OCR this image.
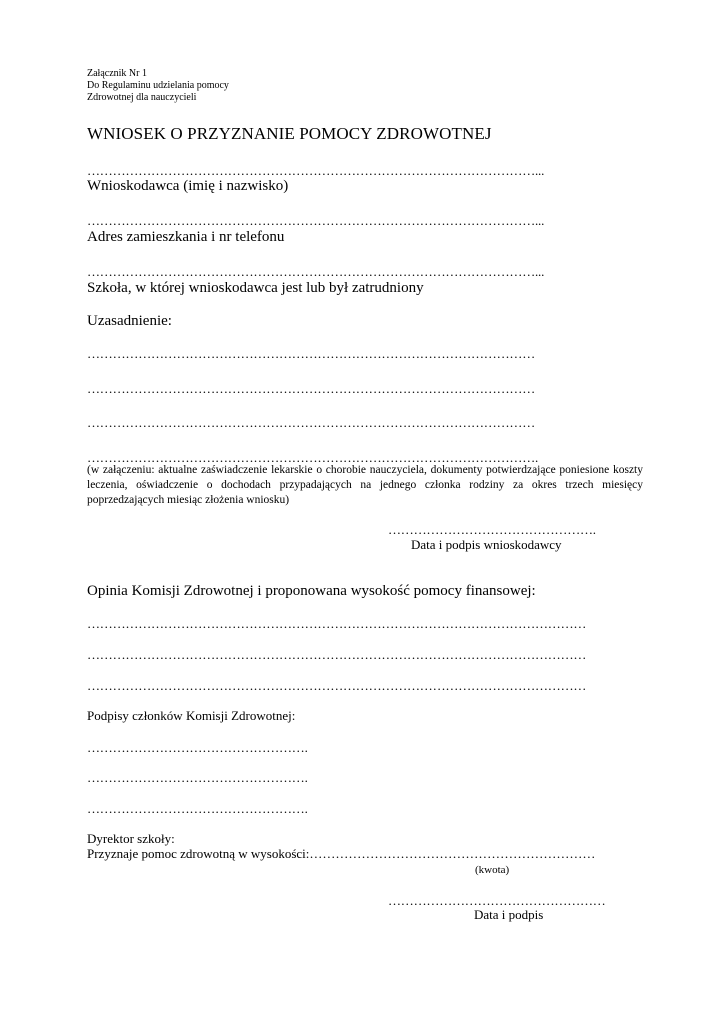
Załącznik Nr 1
Do Regulaminu udzielania pomocy
Zdrowotnej dla nauczycieli
WNIOSEK O PRZYZNANIE POMOCY ZDROWOTNEJ
……………………………………………………………………………………………...
Wnioskodawca (imię i nazwisko)
……………………………………………………………………………………………...
Adres zamieszkania i nr telefonu
……………………………………………………………………………………………...
Szkoła, w której wnioskodawca jest lub był zatrudniony
Uzasadnienie:
……………………………………………………………………………………………
……………………………………………………………………………………………
……………………………………………………………………………………………
…………………………………………………………………………………………….
(w załączeniu: aktualne zaświadczenie lekarskie o chorobie nauczyciela, dokumenty potwierdzające poniesione koszty leczenia, oświadczenie o dochodach przypadających na jednego członka rodziny za okres trzech miesięcy poprzedzających miesiąc złożenia wniosku)
………………………………………….
Data i podpis wnioskodawcy
Opinia Komisji Zdrowotnej i proponowana wysokość pomocy finansowej:
………………………………………………………………………………………………………
………………………………………………………………………………………………………
………………………………………………………………………………………………………
Podpisy członków Komisji Zdrowotnej:
…………………………………………….
…………………………………………….
…………………………………………….
Dyrektor szkoły:
Przyznaje pomoc zdrowotną w wysokości:…………………………………………………………
(kwota)
……………………………………………
Data i podpis
